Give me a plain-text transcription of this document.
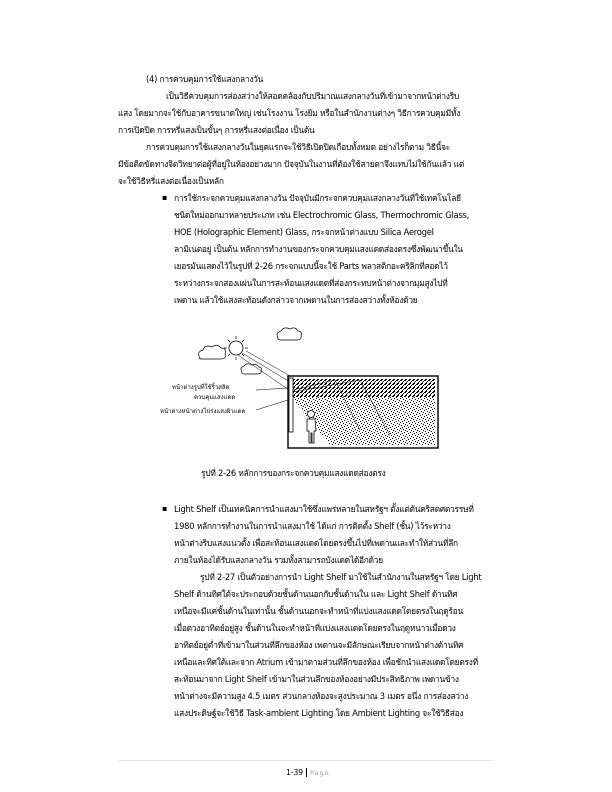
(4) การควบคุมการใช้แสงกลางวัน
เป็นวิธีควบคุมการส่องสว่างให้สอดคล้องกับปริมาณแสงกลางวันที่เข้ามาจากหน้าต่างริบ
แสง โดยมากจะใช้กับอาคารขนาดใหญ่ เช่นโรงงาน โรงยิม หรือในสำนักงานต่างๆ วิธีการควบคุมมีทั้ง
การเปิดปิด การหรี่แสงเป็นขั้นๆ การหรี่แสงต่อเนื่อง เป็นต้น
การควบคุมการใช้แสงกลางวันในยุคแรกจะใช้วิธีเปิดปิดเกือบทั้งหมด อย่างไรก็ตาม วิธีนี้จะ
มีข้อติดขัดทางจิตวิทยาต่อผู้ที่อยู่ในห้องอย่างมาก ปัจจุบันในงานที่ต้องใช้สายตาจึงแทบไม่ใช้กันแล้ว แต่
จะใช้วิธีหรี่แสงต่อเนื่องเป็นหลัก
▪ การใช้กระจกควบคุมแสงกลางวัน ปัจจุบันมีกระจกควบคุมแสงกลางวันที่ใช้เทคโนโลยี
ชนิดใหม่ออกมาหลายประเภท เช่น Electrochromic Glass, Thermochromic Glass,
HOE (Holographic Element) Glass, กระจกหน้าต่างแบบ Silica Aerogel
ลามิเนตอยู่ เป็นต้น หลักการทำงานของกระจกควบคุมแสงแดดส่องตรงซึ่งพัฒนาขึ้นใน
เยอรมันแสดงไว้ในรูปที่ 2-26 กระจกแบบนี้จะใช้ Parts พลาสติกอะคริลิกที่สอดไว้
ระหว่างกระจกสองแผ่นในการสะท้อนแสงแดดที่ส่องกระทบหน้าต่างจากมุมสูงไปที่
เพดาน แล้วใช้แสงสะท้อนดังกล่าวจากเพดานในการส่องสว่างทั้งห้องด้วย
หน้าต่างรูปที่ใช้ริ้วสลิด
ควบคุมแสงแดด
หน้าต่างหน้าต่างโปร่งแสงผิวแดด
รูปที่ 2-26 หลักการของกระจกควบคุมแสงแดดส่องตรง
▪ Light Shelf เป็นเทคนิคการนำแสงมาใช้ซึ่งแพร่หลายในสหรัฐฯ ตั้งแต่ต้นคริสตศตวรรษที่
1980 หลักการทำงานในการนำแสงมาใช้ ได้แก่ การติดตั้ง Shelf (ชั้น) ไว้ระหว่าง
หน้าต่างริบแสงแนวตั้ง เพื่อสะท้อนแสงแดดโดยตรงขึ้นไปที่เพดานและทำให้ส่วนที่ลึก
ภายในห้องได้รับแสงกลางวัน รวมทั้งสามารถบังแดดได้อีกด้วย
รูปที่ 2-27 เป็นตัวอย่างการนำ Light Shelf มาใช้ในสำนักงานในสหรัฐฯ โดย Light
Shelf ด้านทิศใต้จะประกอบด้วยชั้นด้านนอกกับชั้นด้านใน และ Light Shelf ด้านทิศ
เหนือจะมีแค่ชั้นด้านในเท่านั้น ชั้นด้านนอกจะทำหน้าที่แบ่งแสงแดดโดยตรงในฤดูร้อน
เมื่อดวงอาทิตย์อยู่สูง ชั้นด้านในจะทำหน้าที่แบ่งแสงแดดโดยตรงในฤดูหนาวเมื่อดวง
อาทิตย์อยู่ต่ำที่เข้ามาในส่วนที่ลึกของห้อง เพดานจะมีลักษณะเรียบจากหน้าต่างด้านทิศ
เหนือและทิศใต้และจาก Atrium เข้ามาตามส่วนที่ลึกของห้อง เพื่อชักนำแสงแดดโดยตรงที่
สะท้อนมาจาก Light Shelf เข้ามาในส่วนลึกของห้องอย่างมีประสิทธิภาพ เพดานข้าง
หน้าต่างจะมีความสูง 4.5 เมตร ส่วนกลางห้องจะสูงประมาณ 3 เมตร อนึ่ง การส่องสว่าง
แสงประดิษฐ์จะใช้วิธี Task-ambient Lighting โดย Ambient Lighting จะใช้วิธีส่อง
1-39 Page
